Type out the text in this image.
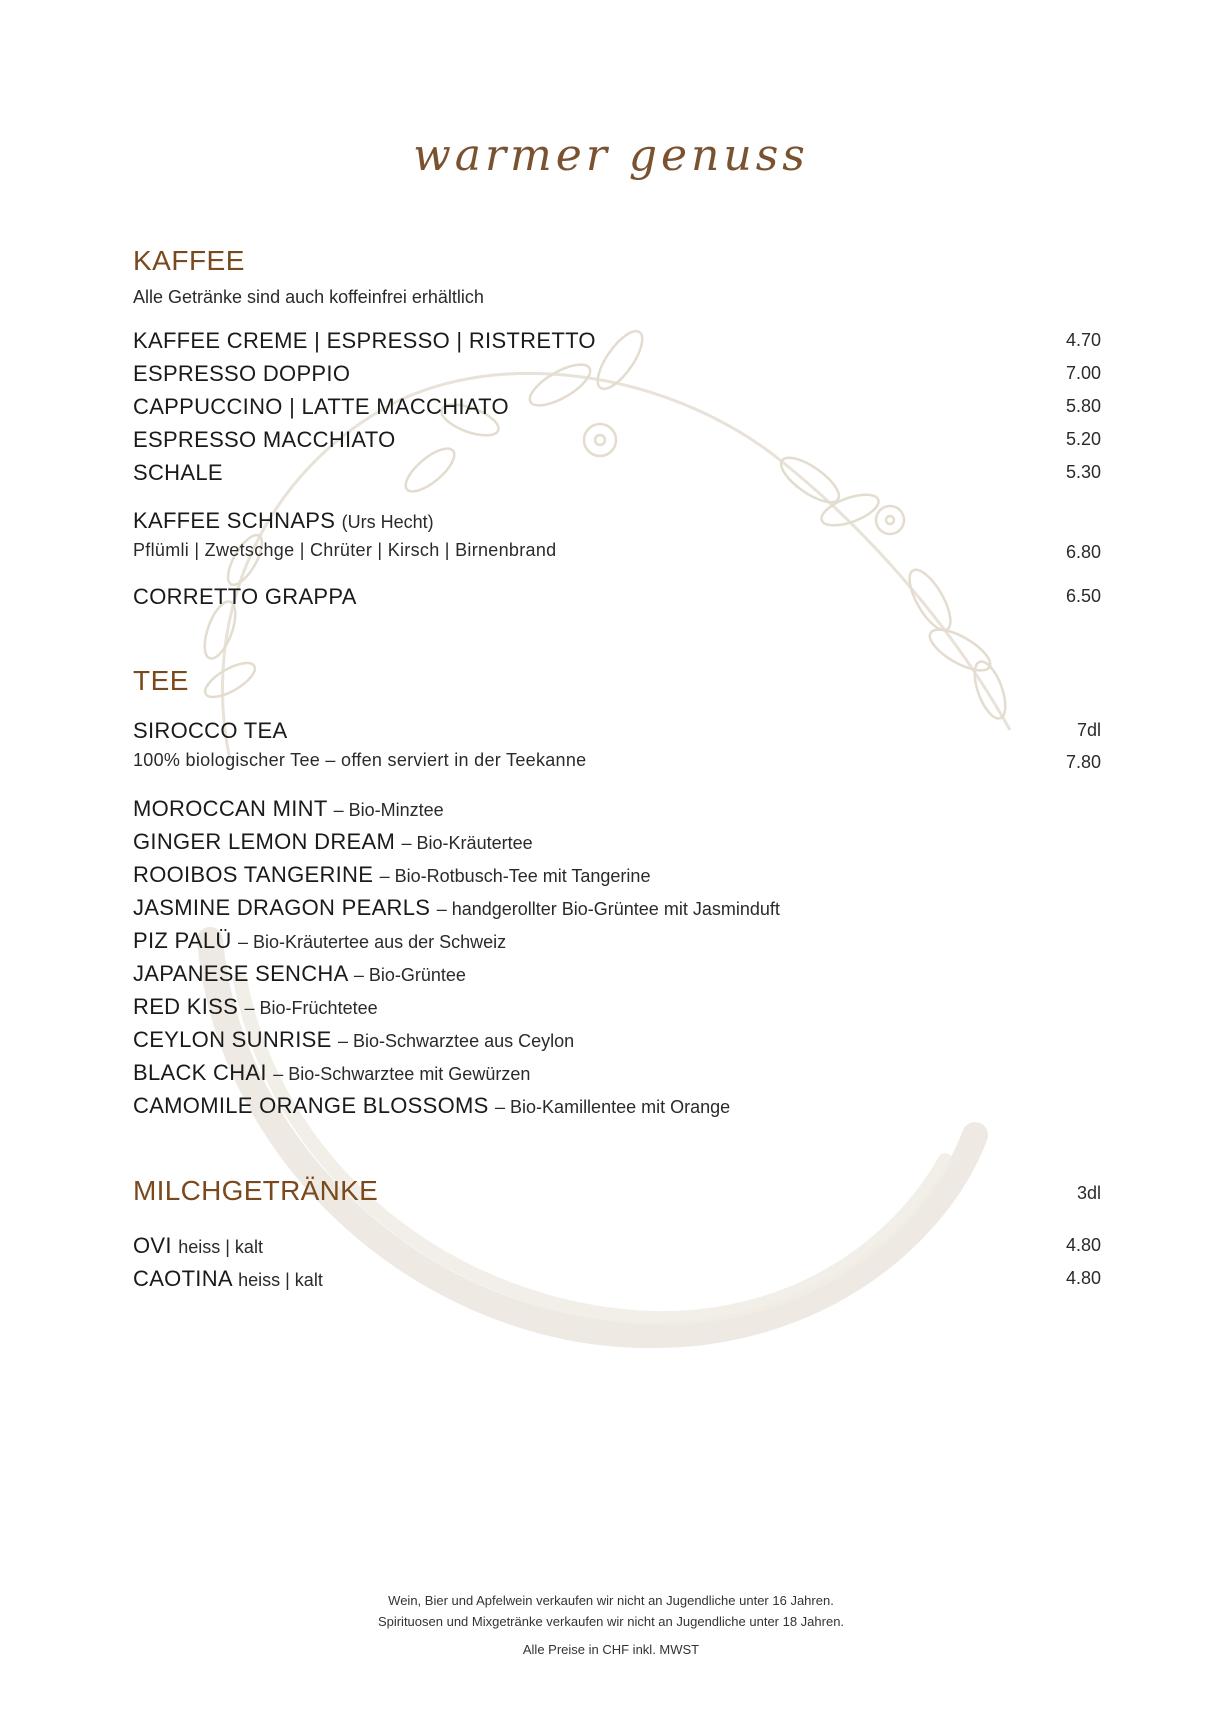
warmer genuss
KAFFEE
Alle Getränke sind auch koffeinfrei erhältlich
KAFFEE CREME | ESPRESSO | RISTRETTO	4.70
ESPRESSO DOPPIO	7.00
CAPPUCCINO | LATTE MACCHIATO	5.80
ESPRESSO MACCHIATO	5.20
SCHALE	5.30
KAFFEE SCHNAPS (Urs Hecht)
Pflümli | Zwetschge | Chrüter | Kirsch | Birnenbrand	6.80
CORRETTO GRAPPA	6.50
TEE
SIROCCO TEA	7dl
100% biologischer Tee – offen serviert in der Teekanne	7.80
MOROCCAN MINT – Bio-Minztee
GINGER LEMON DREAM – Bio-Kräutertee
ROOIBOS TANGERINE – Bio-Rotbusch-Tee mit Tangerine
JASMINE DRAGON PEARLS – handgerollter Bio-Grüntee mit Jasminduft
PIZ PALÜ – Bio-Kräutertee aus der Schweiz
JAPANESE SENCHA – Bio-Grüntee
RED KISS – Bio-Früchtetee
CEYLON SUNRISE – Bio-Schwarztee aus Ceylon
BLACK CHAI – Bio-Schwarztee mit Gewürzen
CAMOMILE ORANGE BLOSSOMS – Bio-Kamillentee mit Orange
MILCHGETRÄNKE	3dl
OVI heiss | kalt	4.80
CAOTINA heiss | kalt	4.80
Wein, Bier und Apfelwein verkaufen wir nicht an Jugendliche unter 16 Jahren.
Spirituosen und Mixgetränke verkaufen wir nicht an Jugendliche unter 18 Jahren.
Alle Preise in CHF inkl. MWST
